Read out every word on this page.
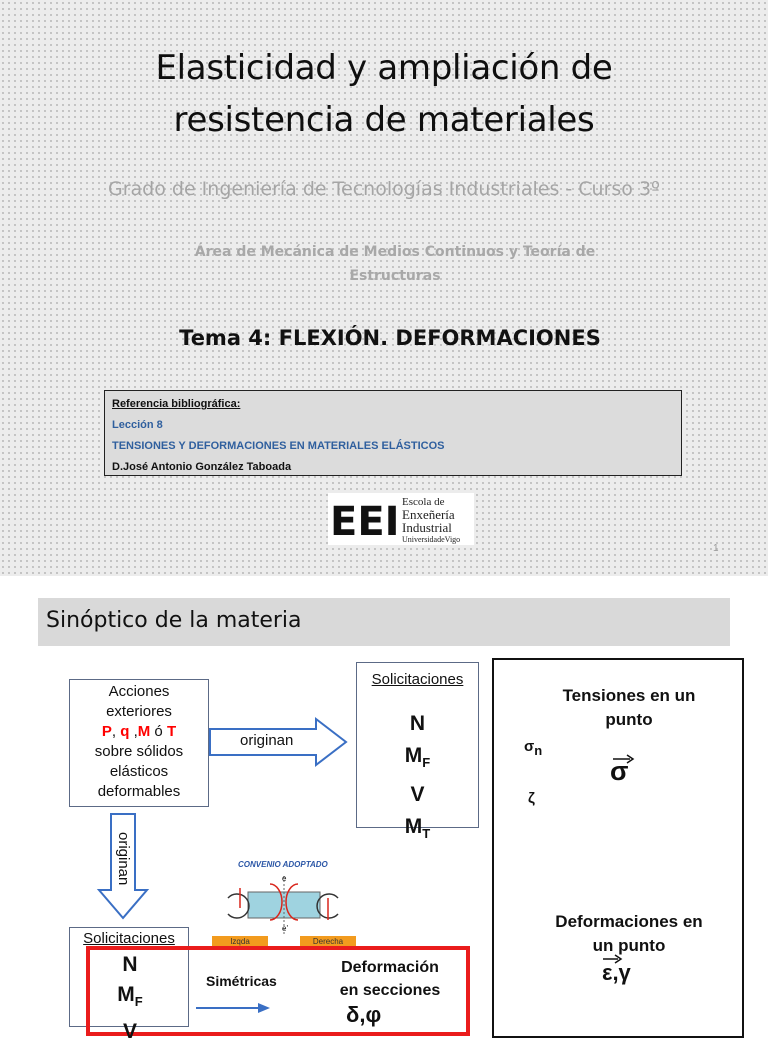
Elasticidad y ampliación de
resistencia de materiales
Grado de Ingeniería de Tecnologías Industriales - Curso 3º
Área de Mecánica de Medios Continuos y Teoría de
Estructuras
Tema 4: FLEXIÓN. DEFORMACIONES
Referencia bibliográfica:
Lección 8
TENSIONES Y DEFORMACIONES EN MATERIALES ELÁSTICOS
D.José Antonio González Taboada
EEI Escola de
Enxeñería
Industrial
UniversidadeVigo
1
Sinóptico de la materia
Acciones
exteriores
P, q ,M ó T
sobre sólidos
elásticos
deformables
originan
originan
Solicitaciones
N
$M_F$
V
$M_T$
Tensiones en un
punto
$\sigma_n$
ζ
σ
Deformaciones en
un punto
ε,γ
CONVENIO ADOPTADO
e
e'
Izqda	Derecha
Solicitaciones
N
$M_F$
V
Simétricas
Deformación
en secciones
δ,φ
